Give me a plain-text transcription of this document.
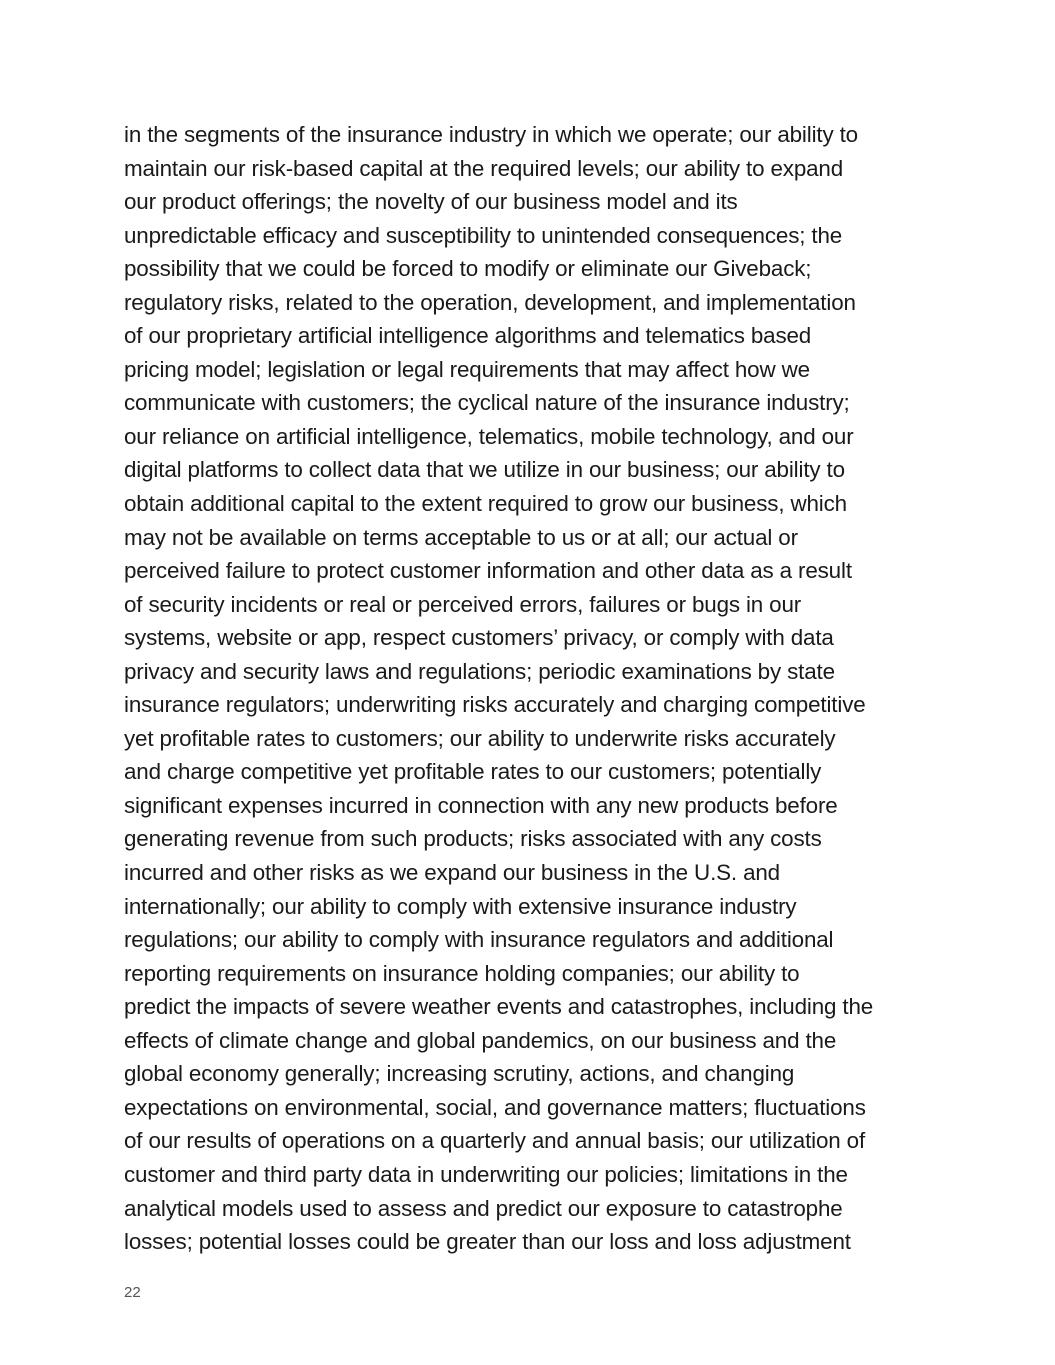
in the segments of the insurance industry in which we operate; our ability to
maintain our risk-based capital at the required levels; our ability to expand
our product offerings; the novelty of our business model and its
unpredictable efficacy and susceptibility to unintended consequences; the
possibility that we could be forced to modify or eliminate our Giveback;
regulatory risks, related to the operation, development, and implementation
of our proprietary artificial intelligence algorithms and telematics based
pricing model; legislation or legal requirements that may affect how we
communicate with customers; the cyclical nature of the insurance industry;
our reliance on artificial intelligence, telematics, mobile technology, and our
digital platforms to collect data that we utilize in our business; our ability to
obtain additional capital to the extent required to grow our business, which
may not be available on terms acceptable to us or at all; our actual or
perceived failure to protect customer information and other data as a result
of security incidents or real or perceived errors, failures or bugs in our
systems, website or app, respect customers’ privacy, or comply with data
privacy and security laws and regulations; periodic examinations by state
insurance regulators; underwriting risks accurately and charging competitive
yet profitable rates to customers; our ability to underwrite risks accurately
and charge competitive yet profitable rates to our customers; potentially
significant expenses incurred in connection with any new products before
generating revenue from such products; risks associated with any costs
incurred and other risks as we expand our business in the U.S. and
internationally; our ability to comply with extensive insurance industry
regulations; our ability to comply with insurance regulators and additional
reporting requirements on insurance holding companies; our ability to
predict the impacts of severe weather events and catastrophes, including the
effects of climate change and global pandemics, on our business and the
global economy generally; increasing scrutiny, actions, and changing
expectations on environmental, social, and governance matters; fluctuations
of our results of operations on a quarterly and annual basis; our utilization of
customer and third party data in underwriting our policies; limitations in the
analytical models used to assess and predict our exposure to catastrophe
losses; potential losses could be greater than our loss and loss adjustment

22
